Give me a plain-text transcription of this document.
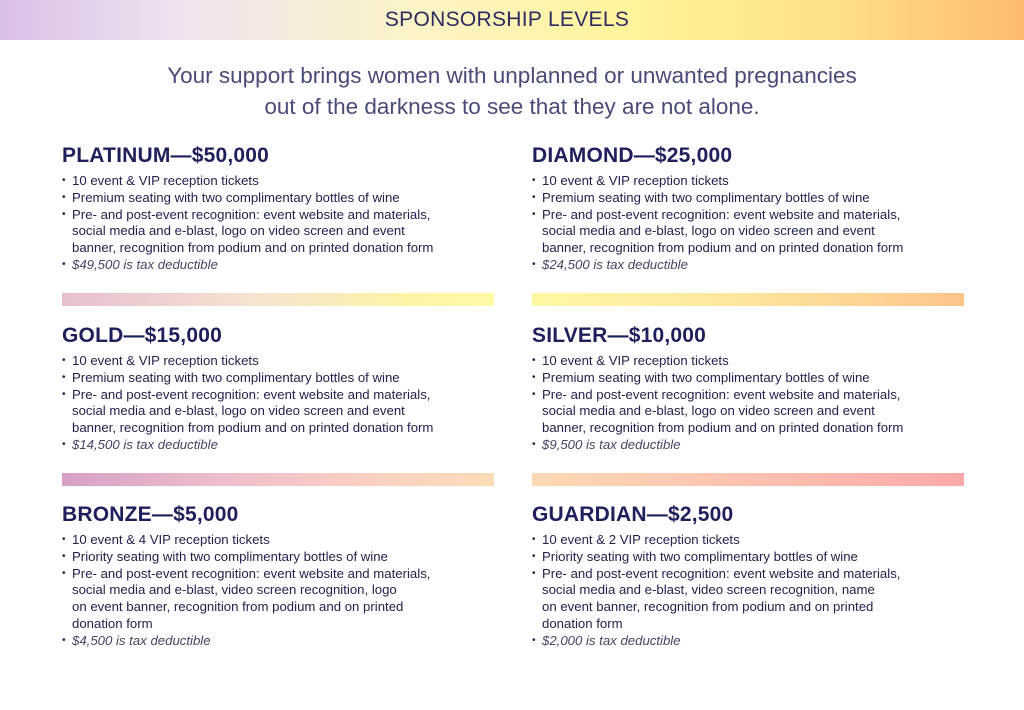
SPONSORSHIP LEVELS
Your support brings women with unplanned or unwanted pregnancies
out of the darkness to see that they are not alone.
PLATINUM—$50,000
• 10 event & VIP reception tickets
• Premium seating with two complimentary bottles of wine
• Pre- and post-event recognition: event website and materials,
social media and e-blast, logo on video screen and event
banner, recognition from podium and on printed donation form
• $49,500 is tax deductible
DIAMOND—$25,000
• 10 event & VIP reception tickets
• Premium seating with two complimentary bottles of wine
• Pre- and post-event recognition: event website and materials,
social media and e-blast, logo on video screen and event
banner, recognition from podium and on printed donation form
• $24,500 is tax deductible
GOLD—$15,000
• 10 event & VIP reception tickets
• Premium seating with two complimentary bottles of wine
• Pre- and post-event recognition: event website and materials,
social media and e-blast, logo on video screen and event
banner, recognition from podium and on printed donation form
• $14,500 is tax deductible
SILVER—$10,000
• 10 event & VIP reception tickets
• Premium seating with two complimentary bottles of wine
• Pre- and post-event recognition: event website and materials,
social media and e-blast, logo on video screen and event
banner, recognition from podium and on printed donation form
• $9,500 is tax deductible
BRONZE—$5,000
• 10 event & 4 VIP reception tickets
• Priority seating with two complimentary bottles of wine
• Pre- and post-event recognition: event website and materials,
social media and e-blast, video screen recognition, logo
on event banner, recognition from podium and on printed
donation form
• $4,500 is tax deductible
GUARDIAN—$2,500
• 10 event & 2 VIP reception tickets
• Priority seating with two complimentary bottles of wine
• Pre- and post-event recognition: event website and materials,
social media and e-blast, video screen recognition, name
on event banner, recognition from podium and on printed
donation form
• $2,000 is tax deductible
